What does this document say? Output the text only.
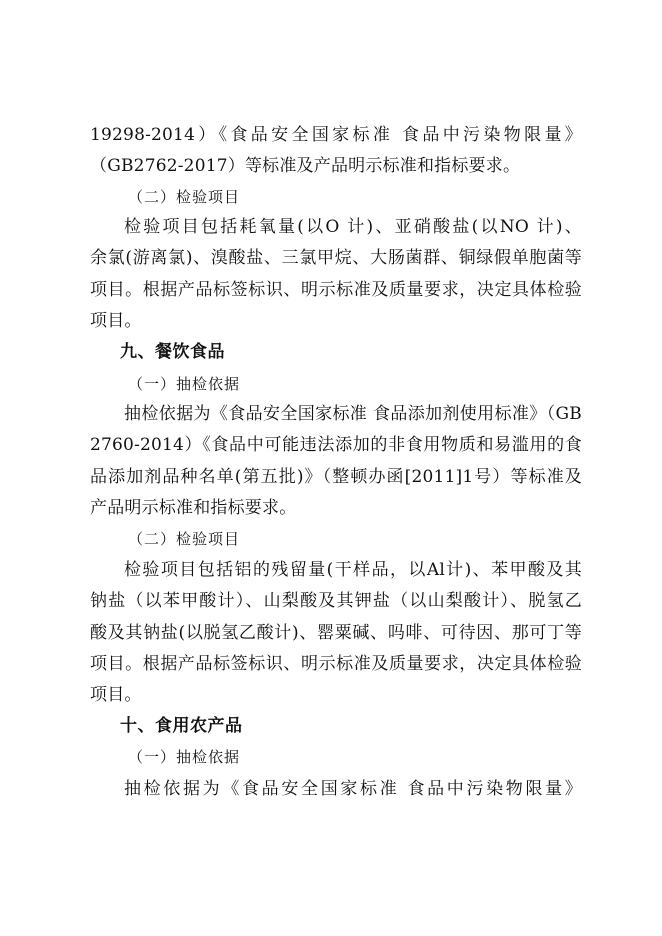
19298-2014）《食品安全国家标准 食品中污染物限量》
（GB2762-2017）等标准及产品明示标准和指标要求。
（二）检验项目
检验项目包括耗氧量(以O 计)、亚硝酸盐(以NO 计)、
余氯(游离氯)、溴酸盐、三氯甲烷、大肠菌群、铜绿假单胞菌等
项目。根据产品标签标识、明示标准及质量要求，决定具体检验
项目。
九、餐饮食品
（一）抽检依据
抽检依据为《食品安全国家标准 食品添加剂使用标准》（GB
2760-2014）《食品中可能违法添加的非食用物质和易滥用的食
品添加剂品种名单(第五批)》（整顿办函[2011]1号）等标准及
产品明示标准和指标要求。
（二）检验项目
检验项目包括铝的残留量(干样品，以Al计)、苯甲酸及其
钠盐（以苯甲酸计）、山梨酸及其钾盐（以山梨酸计）、脱氢乙
酸及其钠盐(以脱氢乙酸计)、罂粟碱、吗啡、可待因、那可丁等
项目。根据产品标签标识、明示标准及质量要求，决定具体检验
项目。
十、食用农产品
（一）抽检依据
抽检依据为《食品安全国家标准 食品中污染物限量》
